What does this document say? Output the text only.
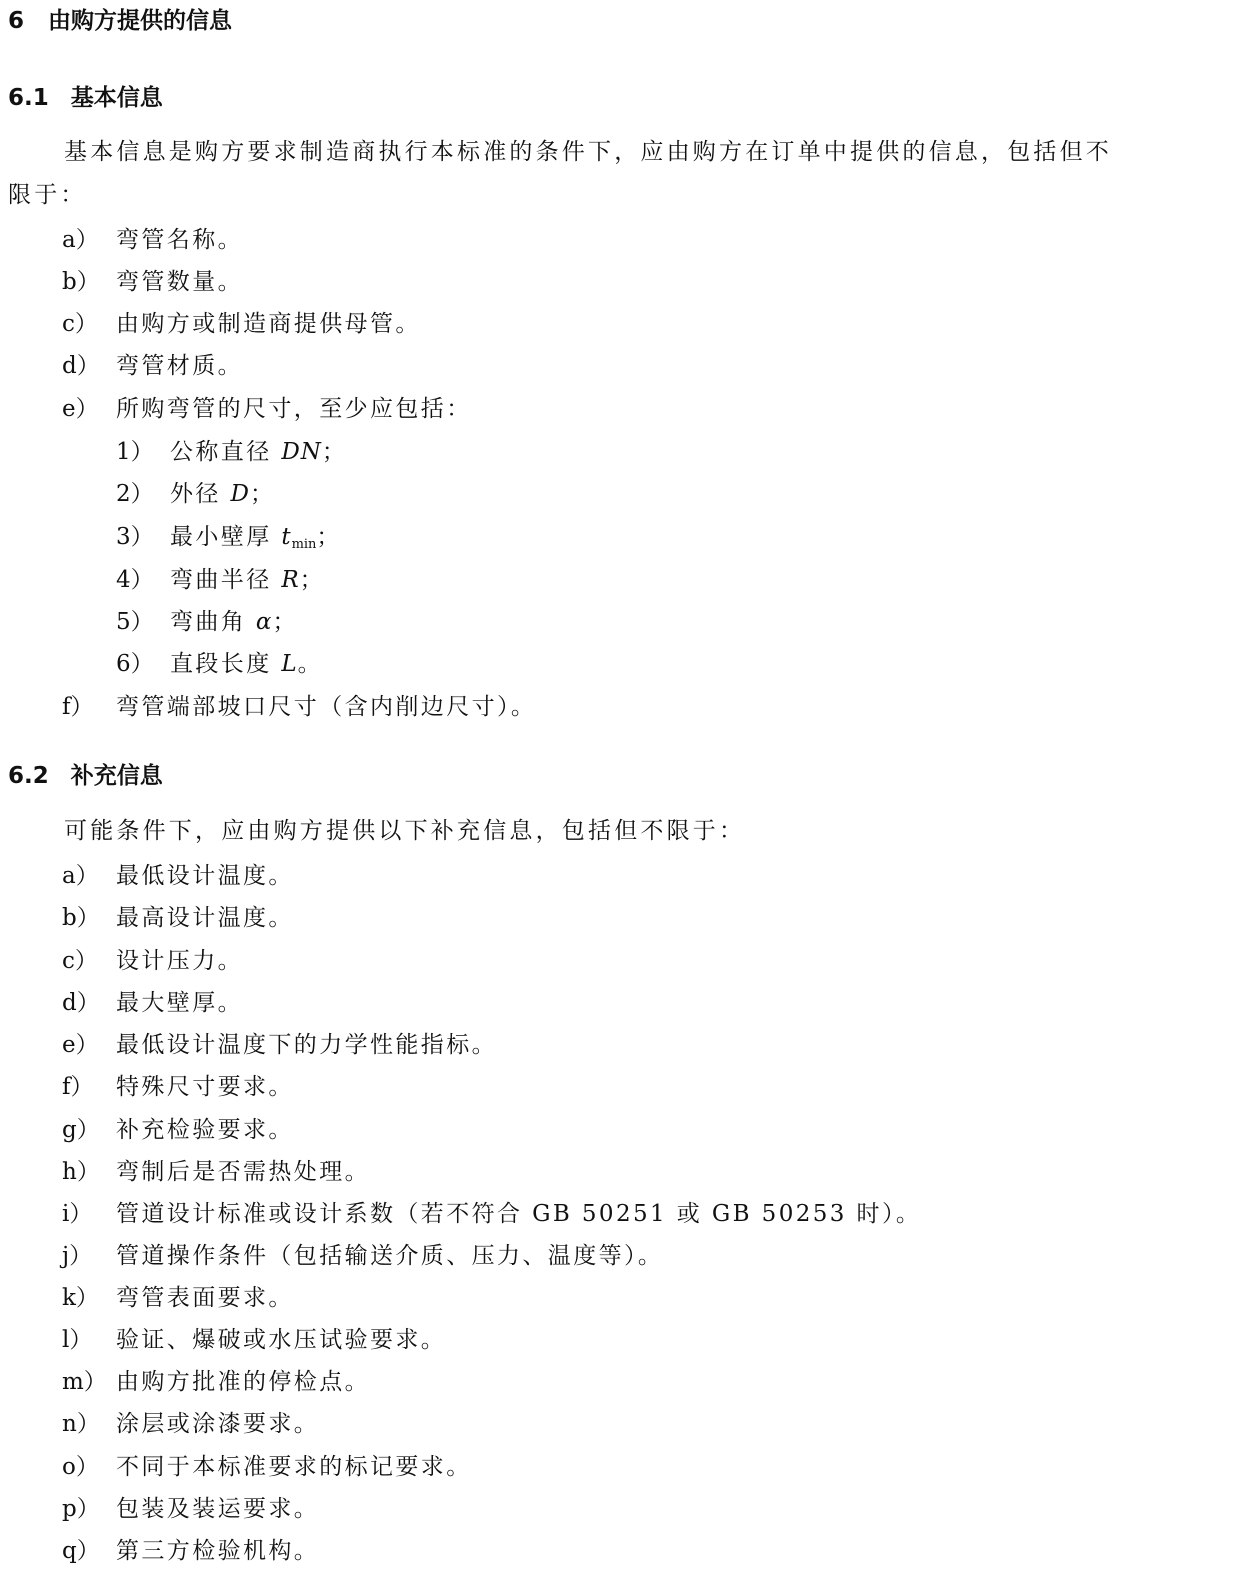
6 由购方提供的信息
6.1 基本信息
基本信息是购方要求制造商执行本标准的条件下，应由购方在订单中提供的信息，包括但不
限于：
a） 弯管名称。
b） 弯管数量。
c） 由购方或制造商提供母管。
d） 弯管材质。
e） 所购弯管的尺寸，至少应包括：
1） 公称直径 DN；
2） 外径 D；
3） 最小壁厚 $t_{min}$；
4） 弯曲半径 R；
5） 弯曲角 α；
6） 直段长度 L。
f） 弯管端部坡口尺寸（含内削边尺寸）。
6.2 补充信息
可能条件下，应由购方提供以下补充信息，包括但不限于：
a） 最低设计温度。
b） 最高设计温度。
c） 设计压力。
d） 最大壁厚。
e） 最低设计温度下的力学性能指标。
f） 特殊尺寸要求。
g） 补充检验要求。
h） 弯制后是否需热处理。
i） 管道设计标准或设计系数（若不符合 GB 50251 或 GB 50253 时）。
j） 管道操作条件（包括输送介质、压力、温度等）。
k） 弯管表面要求。
l） 验证、爆破或水压试验要求。
m） 由购方批准的停检点。
n） 涂层或涂漆要求。
o） 不同于本标准要求的标记要求。
p） 包装及装运要求。
q） 第三方检验机构。
